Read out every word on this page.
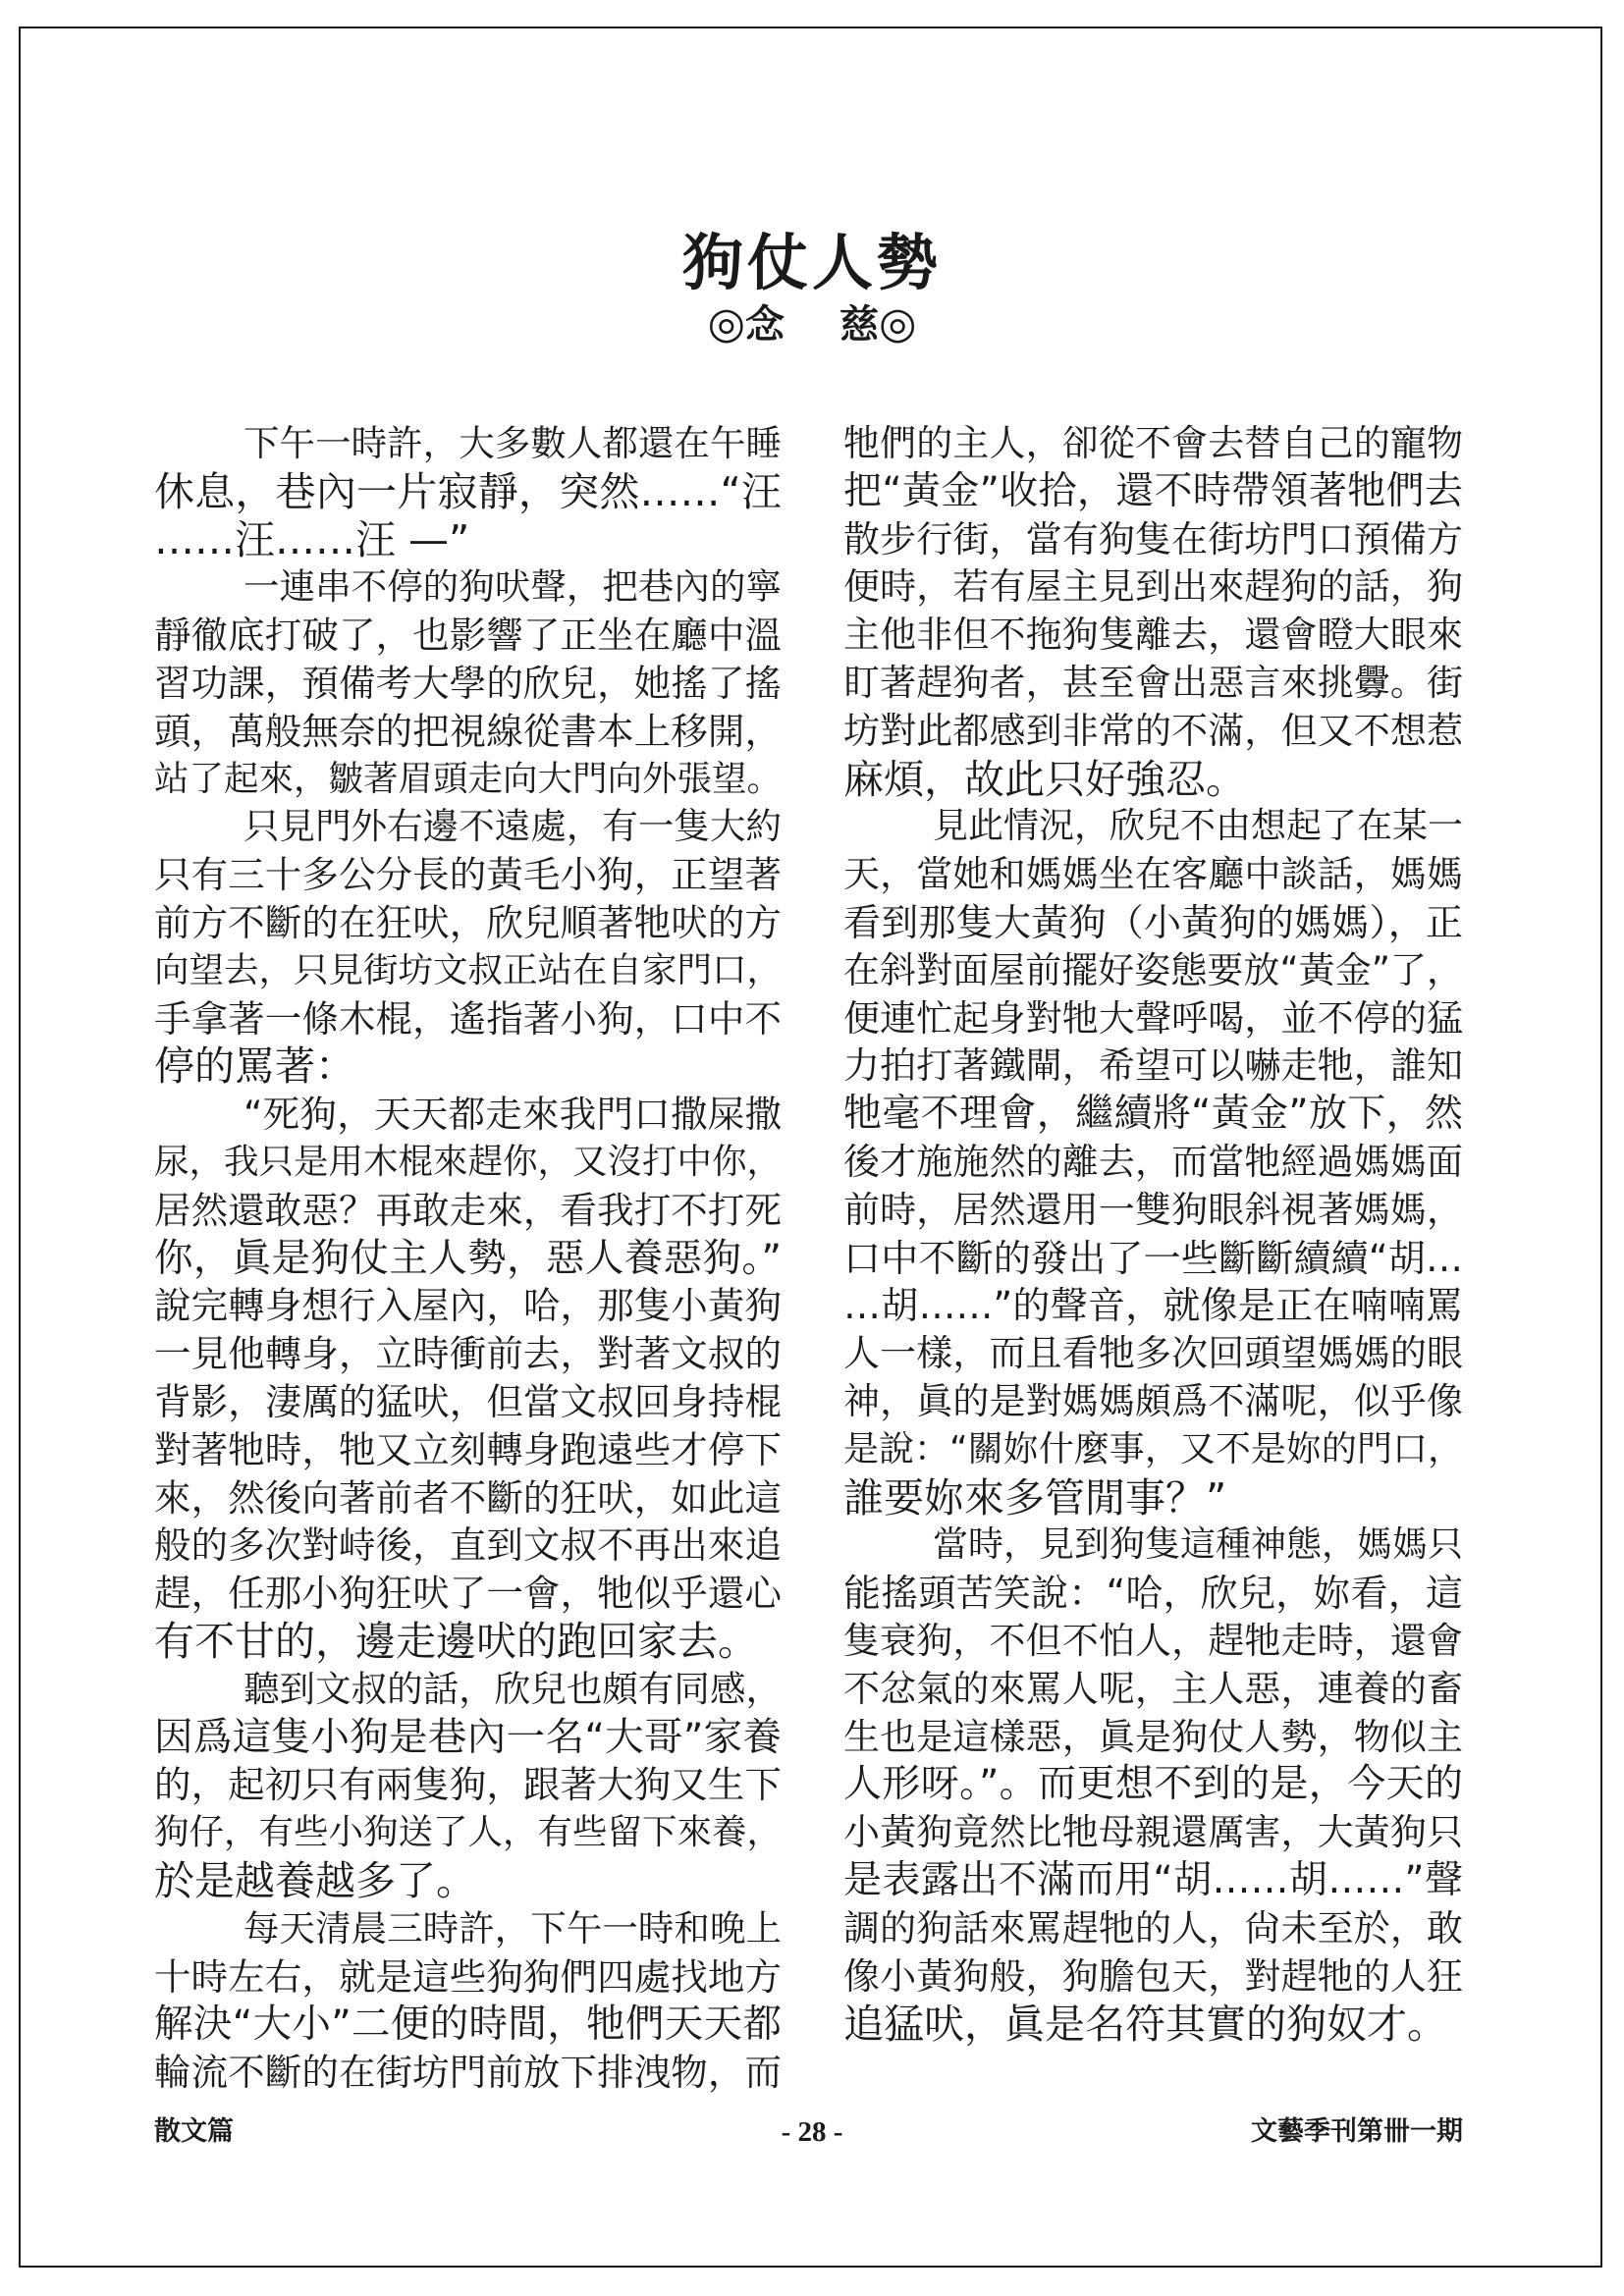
狗仗人勢
◎念 慈◎
下午一時許，大多數人都還在午睡
休息，巷內一片寂靜，突然……“汪
……汪……汪 —”
一連串不停的狗吠聲，把巷內的寧
靜徹底打破了，也影響了正坐在廳中溫
習功課，預備考大學的欣兒，她搖了搖
頭，萬般無奈的把視線從書本上移開，
站了起來，皺著眉頭走向大門向外張望。
只見門外右邊不遠處，有一隻大約
只有三十多公分長的黃毛小狗，正望著
前方不斷的在狂吠，欣兒順著牠吠的方
向望去，只見街坊文叔正站在自家門口，
手拿著一條木棍，遙指著小狗，口中不
停的罵著：
“死狗，天天都走來我門口撒屎撒
尿，我只是用木棍來趕你，又沒打中你，
居然還敢惡？再敢走來，看我打不打死
你，眞是狗仗主人勢，惡人養惡狗。”
說完轉身想行入屋內，哈，那隻小黃狗
一見他轉身，立時衝前去，對著文叔的
背影，淒厲的猛吠，但當文叔回身持棍
對著牠時，牠又立刻轉身跑遠些才停下
來，然後向著前者不斷的狂吠，如此這
般的多次對峙後，直到文叔不再出來追
趕，任那小狗狂吠了一會，牠似乎還心
有不甘的，邊走邊吠的跑回家去。
聽到文叔的話，欣兒也頗有同感，
因爲這隻小狗是巷內一名“大哥”家養
的，起初只有兩隻狗，跟著大狗又生下
狗仔，有些小狗送了人，有些留下來養，
於是越養越多了。
每天清晨三時許，下午一時和晚上
十時左右，就是這些狗狗們四處找地方
解決“大小”二便的時間，牠們天天都
輪流不斷的在街坊門前放下排洩物，而
牠們的主人，卻從不會去替自己的寵物
把“黃金”收拾，還不時帶領著牠們去
散步行街，當有狗隻在街坊門口預備方
便時，若有屋主見到出來趕狗的話，狗
主他非但不拖狗隻離去，還會瞪大眼來
盯著趕狗者，甚至會出惡言來挑釁。街
坊對此都感到非常的不滿，但又不想惹
麻煩，故此只好強忍。
見此情況，欣兒不由想起了在某一
天，當她和媽媽坐在客廳中談話，媽媽
看到那隻大黃狗（小黃狗的媽媽），正
在斜對面屋前擺好姿態要放“黃金”了，
便連忙起身對牠大聲呼喝，並不停的猛
力拍打著鐵閘，希望可以嚇走牠，誰知
牠毫不理會，繼續將“黃金”放下，然
後才施施然的離去，而當牠經過媽媽面
前時，居然還用一雙狗眼斜視著媽媽，
口中不斷的發出了一些斷斷續續“胡…
…胡……”的聲音，就像是正在喃喃罵
人一樣，而且看牠多次回頭望媽媽的眼
神，眞的是對媽媽頗爲不滿呢，似乎像
是說：“關妳什麼事，又不是妳的門口，
誰要妳來多管閒事？”
當時，見到狗隻這種神態，媽媽只
能搖頭苦笑說：“哈，欣兒，妳看，這
隻衰狗，不但不怕人，趕牠走時，還會
不忿氣的來罵人呢，主人惡，連養的畜
生也是這樣惡，眞是狗仗人勢，物似主
人形呀。”。而更想不到的是，今天的
小黃狗竟然比牠母親還厲害，大黃狗只
是表露出不滿而用“胡……胡……”聲
調的狗話來罵趕牠的人，尙未至於，敢
像小黃狗般，狗膽包天，對趕牠的人狂
追猛吠，眞是名符其實的狗奴才。
散文篇	- 28 -	文藝季刊第卌一期
